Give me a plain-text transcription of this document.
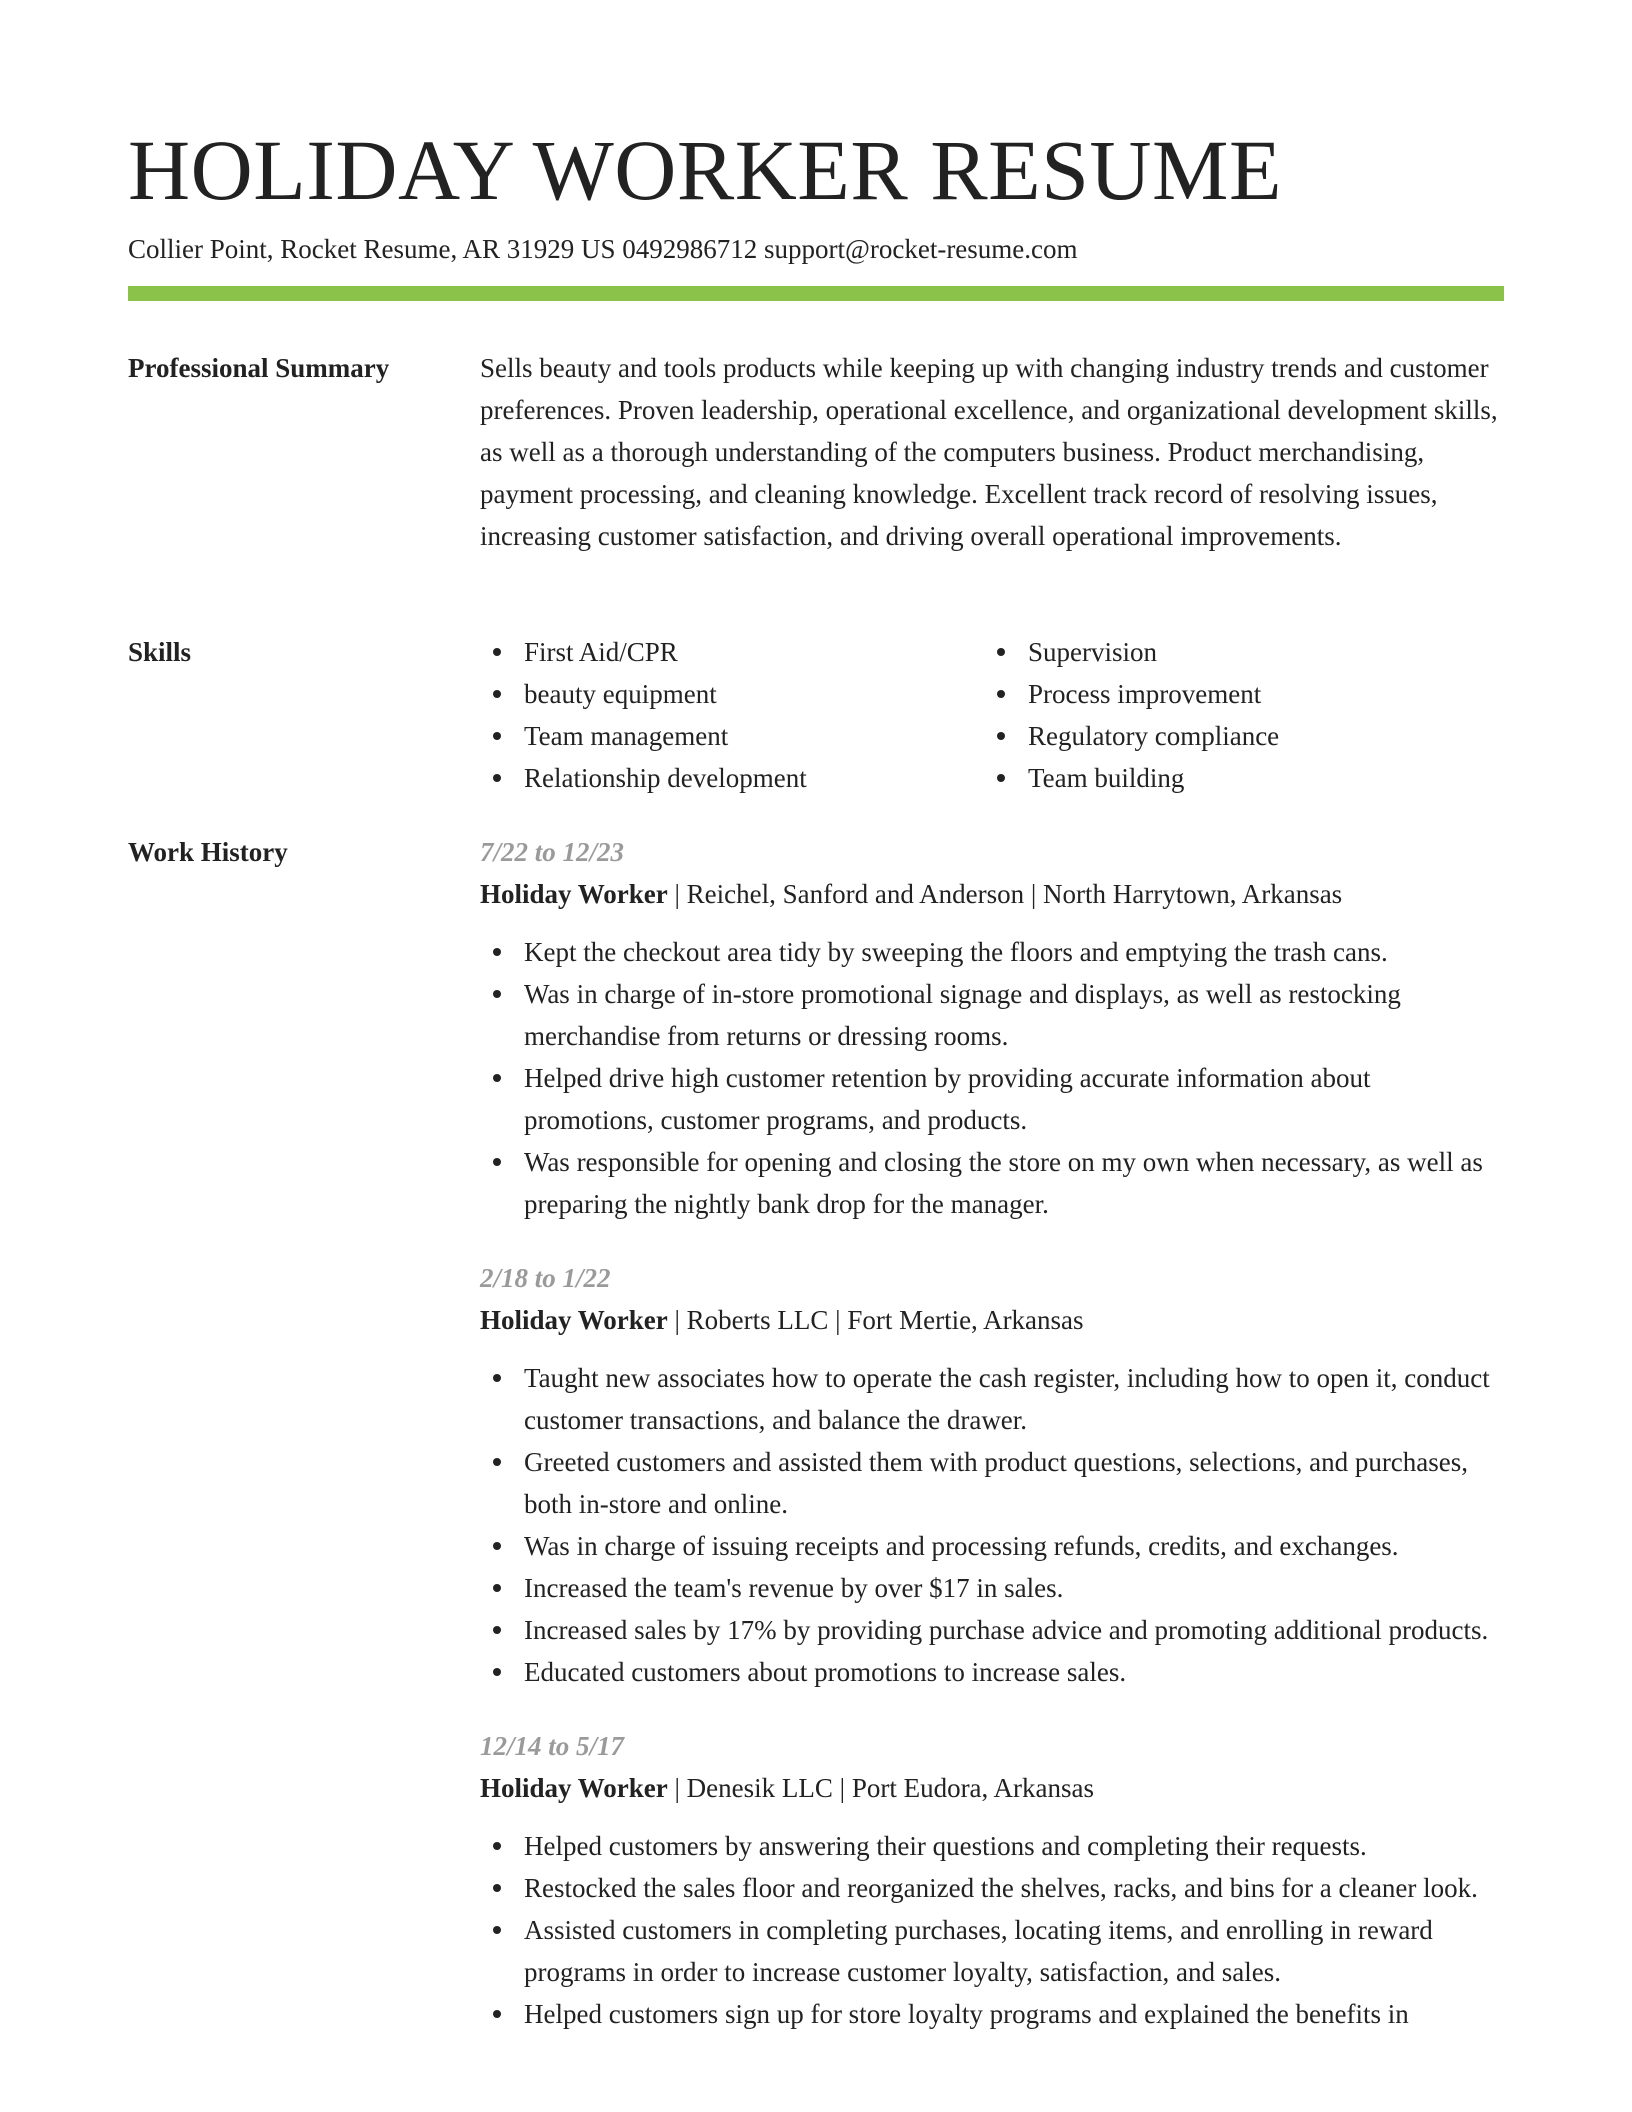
HOLIDAY WORKER RESUME
Collier Point, Rocket Resume, AR 31929 US 0492986712 support@rocket-resume.com
Professional Summary	Sells beauty and tools products while keeping up with changing industry trends and customer preferences. Proven leadership, operational excellence, and organizational development skills, as well as a thorough understanding of the computers business. Product merchandising, payment processing, and cleaning knowledge. Excellent track record of resolving issues, increasing customer satisfaction, and driving overall operational improvements.

Skills	First Aid/CPR
beauty equipment
Team management
Relationship development
Supervision
Process improvement
Regulatory compliance
Team building
Work History	7/22 to 12/23
Holiday Worker | Reichel, Sanford and Anderson | North Harrytown, Arkansas
Kept the checkout area tidy by sweeping the floors and emptying the trash cans.
Was in charge of in-store promotional signage and displays, as well as restocking merchandise from returns or dressing rooms.
Helped drive high customer retention by providing accurate information about promotions, customer programs, and products.
Was responsible for opening and closing the store on my own when necessary, as well as preparing the nightly bank drop for the manager.
2/18 to 1/22
Holiday Worker | Roberts LLC | Fort Mertie, Arkansas
Taught new associates how to operate the cash register, including how to open it, conduct customer transactions, and balance the drawer.
Greeted customers and assisted them with product questions, selections, and purchases, both in-store and online.
Was in charge of issuing receipts and processing refunds, credits, and exchanges.
Increased the team's revenue by over $17 in sales.
Increased sales by 17% by providing purchase advice and promoting additional products.
Educated customers about promotions to increase sales.
12/14 to 5/17
Holiday Worker | Denesik LLC | Port Eudora, Arkansas
Helped customers by answering their questions and completing their requests.
Restocked the sales floor and reorganized the shelves, racks, and bins for a cleaner look.
Assisted customers in completing purchases, locating items, and enrolling in reward programs in order to increase customer loyalty, satisfaction, and sales.
Helped customers sign up for store loyalty programs and explained the benefits in
